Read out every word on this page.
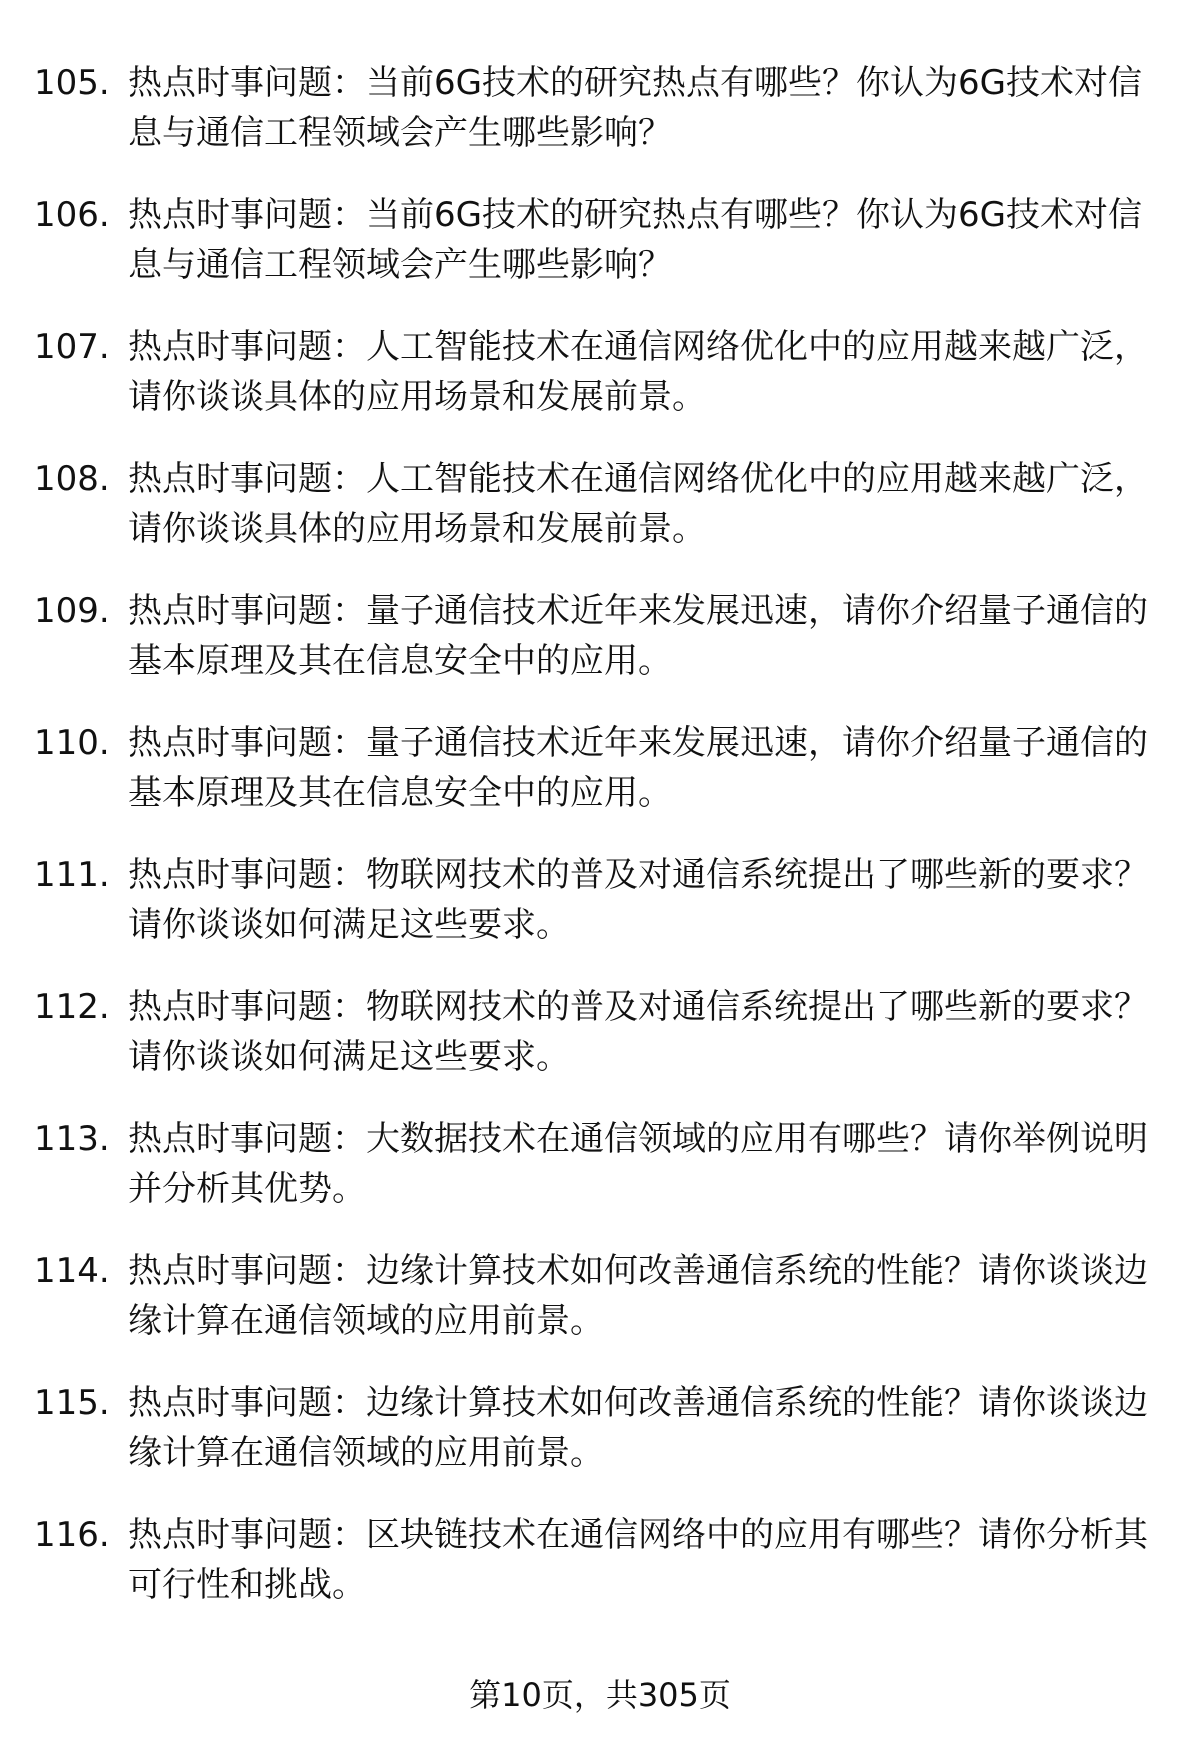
105. 热点时事问题：当前6G技术的研究热点有哪些？你认为6G技术对信息与通信工程领域会产生哪些影响？
106. 热点时事问题：当前6G技术的研究热点有哪些？你认为6G技术对信息与通信工程领域会产生哪些影响？
107. 热点时事问题：人工智能技术在通信网络优化中的应用越来越广泛，请你谈谈具体的应用场景和发展前景。
108. 热点时事问题：人工智能技术在通信网络优化中的应用越来越广泛，请你谈谈具体的应用场景和发展前景。
109. 热点时事问题：量子通信技术近年来发展迅速，请你介绍量子通信的基本原理及其在信息安全中的应用。
110. 热点时事问题：量子通信技术近年来发展迅速，请你介绍量子通信的基本原理及其在信息安全中的应用。
111. 热点时事问题：物联网技术的普及对通信系统提出了哪些新的要求？请你谈谈如何满足这些要求。
112. 热点时事问题：物联网技术的普及对通信系统提出了哪些新的要求？请你谈谈如何满足这些要求。
113. 热点时事问题：大数据技术在通信领域的应用有哪些？请你举例说明并分析其优势。
114. 热点时事问题：边缘计算技术如何改善通信系统的性能？请你谈谈边缘计算在通信领域的应用前景。
115. 热点时事问题：边缘计算技术如何改善通信系统的性能？请你谈谈边缘计算在通信领域的应用前景。
116. 热点时事问题：区块链技术在通信网络中的应用有哪些？请你分析其可行性和挑战。
第10页，共305页
